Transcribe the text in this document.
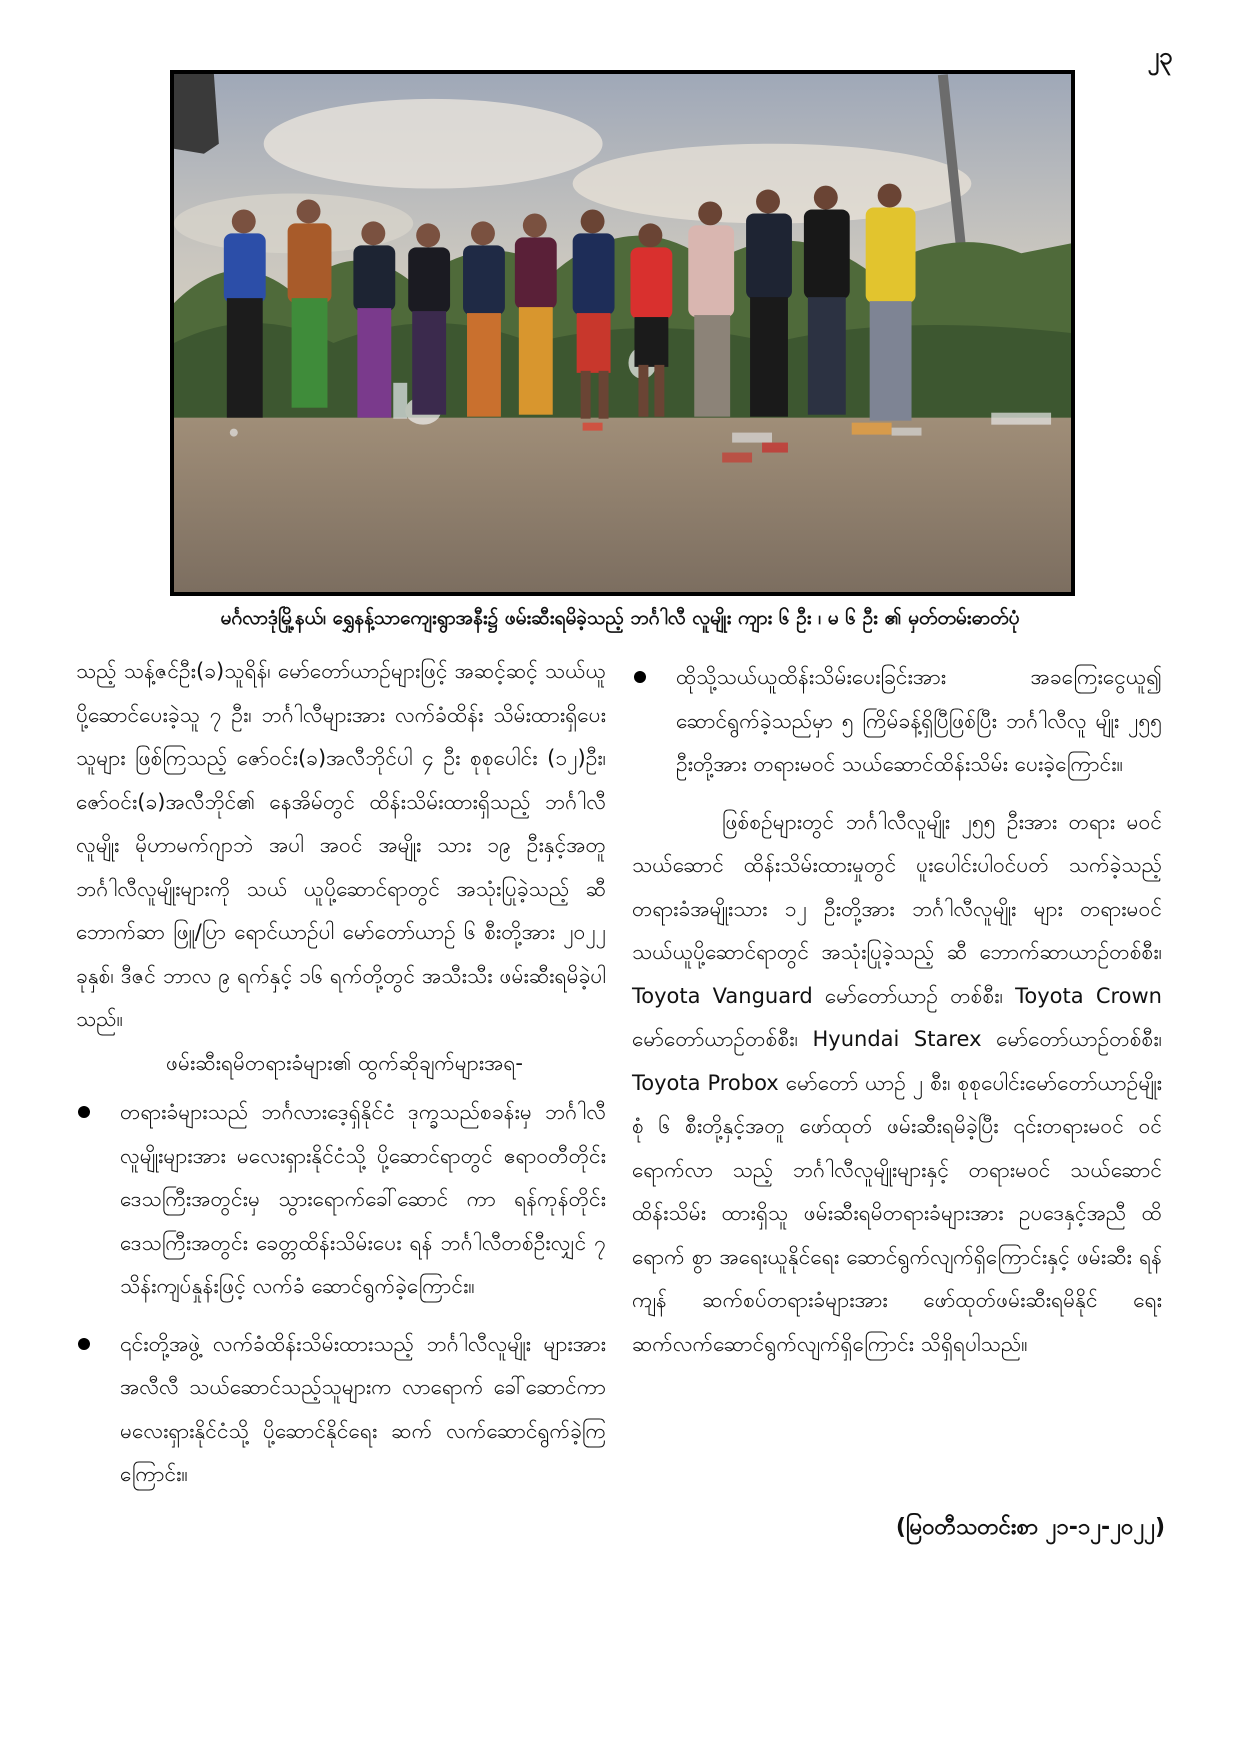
၂၃
မင်္ဂလာဒုံမြို့နယ်၊ ရွှေနန့်သာကျေးရွာအနီး၌ ဖမ်းဆီးရမိခဲ့သည့် ဘင်္ဂါလီ လူမျိုး ကျား ၆ ဦး ၊ မ ၆ ဦး ၏ မှတ်တမ်းဓာတ်ပုံ

သည့် သန့်ဇင်ဦး(ခ)သူရိန်၊ မော်တော်ယာဉ်များဖြင့် အဆင့်ဆင့် သယ်ယူပို့ဆောင်ပေးခဲ့သူ ၇ ဦး၊ ဘင်္ဂါလီများအား လက်ခံထိန်း သိမ်းထားရှိပေးသူများ ဖြစ်ကြသည့် ဇော်ဝင်း(ခ)အလီဘိုင်ပါ ၄ ဦး စုစုပေါင်း (၁၂)ဦး၊ ဇော်ဝင်း(ခ)အလီဘိုင်၏ နေအိမ်တွင် ထိန်းသိမ်းထားရှိသည့် ဘင်္ဂါလီလူမျိုး မိုဟာမက်ဂျာဘဲ အပါ အဝင် အမျိုး သား ၁၉ ဦးနှင့်အတူ ဘင်္ဂါလီလူမျိုးများကို သယ် ယူပို့ဆောင်ရာတွင် အသုံးပြုခဲ့သည့် ဆီဘောက်ဆာ ဖြူ/ပြာ ရောင်ယာဉ်ပါ မော်တော်ယာဉ် ၆ စီးတို့အား ၂၀၂၂ ခုနှစ်၊ ဒီဇင် ဘာလ ၉ ရက်နှင့် ၁၆ ရက်တို့တွင် အသီးသီး ဖမ်းဆီးရမိခဲ့ပါ သည်။

ဖမ်းဆီးရမိတရားခံများ၏ ထွက်ဆိုချက်များအရ-

တရားခံများသည် ဘင်္ဂလားဒေ့ရှ်နိုင်ငံ ဒုက္ခသည်စခန်းမှ ဘင်္ဂါလီလူမျိုးများအား မလေးရှားနိုင်ငံသို့ ပို့ဆောင်ရာတွင် ဧရာဝတီတိုင်းဒေသကြီးအတွင်းမှ သွားရောက်ခေါ်ဆောင် ကာ ရန်ကုန်တိုင်းဒေသကြီးအတွင်း ခေတ္တထိန်းသိမ်းပေး ရန် ဘင်္ဂါလီတစ်ဦးလျှင် ၇ သိန်းကျပ်နှုန်းဖြင့် လက်ခံ ဆောင်ရွက်ခဲ့ကြောင်း။
၎င်းတို့အဖွဲ့ လက်ခံထိန်းသိမ်းထားသည့် ဘင်္ဂါလီလူမျိုး များအား အလီလီ သယ်ဆောင်သည့်သူများက လာရောက် ခေါ်ဆောင်ကာ မလေးရှားနိုင်ငံသို့ ပို့ဆောင်နိုင်ရေး ဆက် လက်ဆောင်ရွက်ခဲ့ကြကြောင်း။
ထိုသို့သယ်ယူထိန်းသိမ်းပေးခြင်းအား အခကြေးငွေယူ၍ ဆောင်ရွက်ခဲ့သည်မှာ ၅ ကြိမ်ခန့်ရှိပြီဖြစ်ပြီး ဘင်္ဂါလီလူ မျိုး ၂၅၅ ဦးတို့အား တရားမဝင် သယ်ဆောင်ထိန်းသိမ်း ပေးခဲ့ကြောင်း။

ဖြစ်စဉ်များတွင် ဘင်္ဂါလီလူမျိုး ၂၅၅ ဦးအား တရား မဝင်သယ်ဆောင် ထိန်းသိမ်းထားမှုတွင် ပူးပေါင်းပါဝင်ပတ် သက်ခဲ့သည့် တရားခံအမျိုးသား ၁၂ ဦးတို့အား ဘင်္ဂါလီလူမျိုး များ တရားမဝင်သယ်ယူပို့ဆောင်ရာတွင် အသုံးပြုခဲ့သည့် ဆီ ဘောက်ဆာယာဉ်တစ်စီး၊ Toyota Vanguard မော်တော်ယာဉ် တစ်စီး၊ Toyota Crown မော်တော်ယာဉ်တစ်စီး၊ Hyundai Starex မော်တော်ယာဉ်တစ်စီး၊ Toyota Probox မော်တော် ယာဉ် ၂ စီး၊ စုစုပေါင်းမော်တော်ယာဉ်မျိုးစုံ ၆ စီးတို့နှင့်အတူ ဖော်ထုတ် ဖမ်းဆီးရမိခဲ့ပြီး ၎င်းတရားမဝင် ဝင်ရောက်လာ သည့် ဘင်္ဂါလီလူမျိုးများနှင့် တရားမဝင် သယ်ဆောင်ထိန်းသိမ်း ထားရှိသူ ဖမ်းဆီးရမိတရားခံများအား ဥပဒေနှင့်အညီ ထိရောက် စွာ အရေးယူနိုင်ရေး ဆောင်ရွက်လျက်ရှိကြောင်းနှင့် ဖမ်းဆီး ရန်ကျန် ဆက်စပ်တရားခံများအား ဖော်ထုတ်ဖမ်းဆီးရမိနိုင် ရေး ဆက်လက်ဆောင်ရွက်လျက်ရှိကြောင်း သိရှိရပါသည်။

(မြဝတီသတင်းစာ ၂၁-၁၂-၂၀၂၂)
